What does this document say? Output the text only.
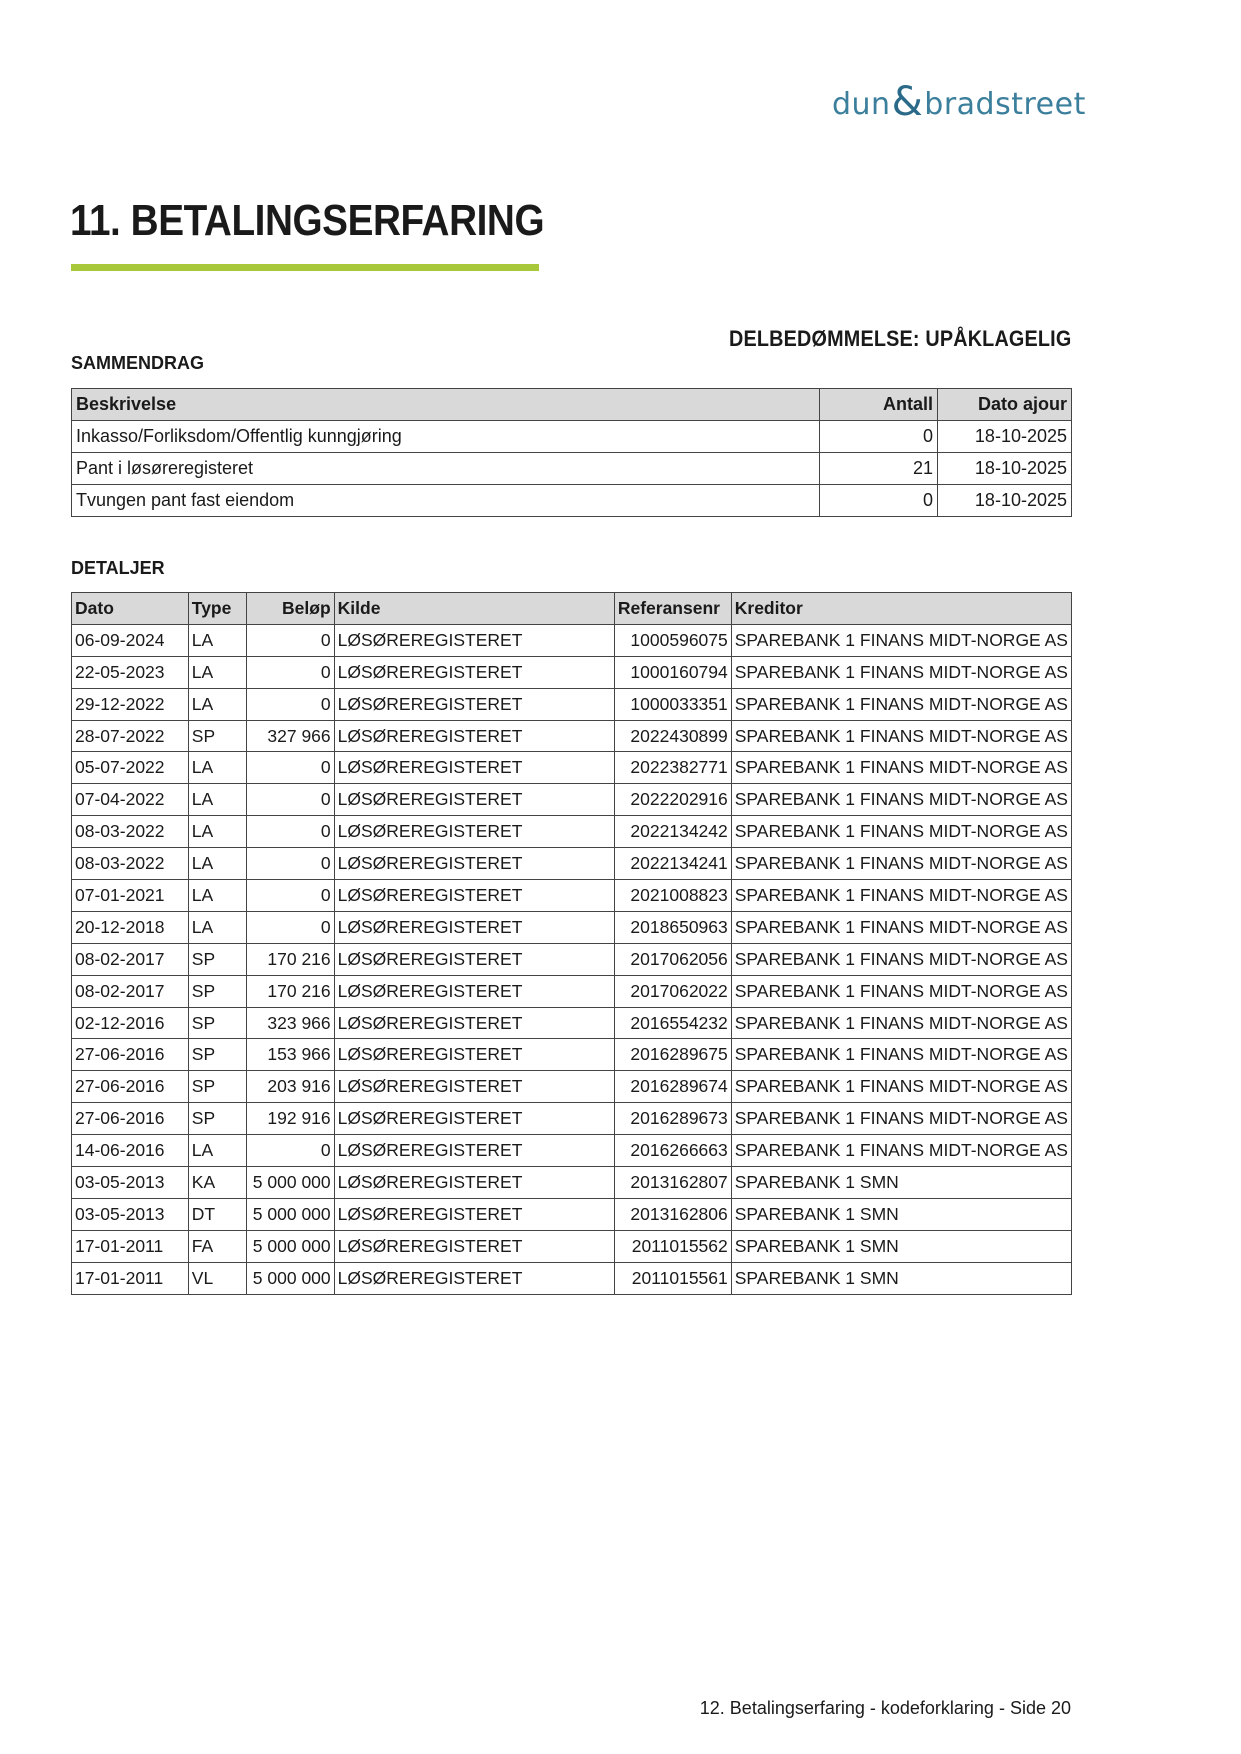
dun & bradstreet
11. BETALINGSERFARING
DELBEDØMMELSE: UPÅKLAGELIG
SAMMENDRAG
Beskrivelse	Antall	Dato ajour
Inkasso/Forliksdom/Offentlig kunngjøring	0	18-10-2025
Pant i løsøreregisteret	21	18-10-2025
Tvungen pant fast eiendom	0	18-10-2025
DETALJER
Dato	Type	Beløp	Kilde	Referansenr	Kreditor
06-09-2024	LA	0	LØSØREREGISTERET	1000596075	SPAREBANK 1 FINANS MIDT-NORGE AS
22-05-2023	LA	0	LØSØREREGISTERET	1000160794	SPAREBANK 1 FINANS MIDT-NORGE AS
29-12-2022	LA	0	LØSØREREGISTERET	1000033351	SPAREBANK 1 FINANS MIDT-NORGE AS
28-07-2022	SP	327 966	LØSØREREGISTERET	2022430899	SPAREBANK 1 FINANS MIDT-NORGE AS
05-07-2022	LA	0	LØSØREREGISTERET	2022382771	SPAREBANK 1 FINANS MIDT-NORGE AS
07-04-2022	LA	0	LØSØREREGISTERET	2022202916	SPAREBANK 1 FINANS MIDT-NORGE AS
08-03-2022	LA	0	LØSØREREGISTERET	2022134242	SPAREBANK 1 FINANS MIDT-NORGE AS
08-03-2022	LA	0	LØSØREREGISTERET	2022134241	SPAREBANK 1 FINANS MIDT-NORGE AS
07-01-2021	LA	0	LØSØREREGISTERET	2021008823	SPAREBANK 1 FINANS MIDT-NORGE AS
20-12-2018	LA	0	LØSØREREGISTERET	2018650963	SPAREBANK 1 FINANS MIDT-NORGE AS
08-02-2017	SP	170 216	LØSØREREGISTERET	2017062056	SPAREBANK 1 FINANS MIDT-NORGE AS
08-02-2017	SP	170 216	LØSØREREGISTERET	2017062022	SPAREBANK 1 FINANS MIDT-NORGE AS
02-12-2016	SP	323 966	LØSØREREGISTERET	2016554232	SPAREBANK 1 FINANS MIDT-NORGE AS
27-06-2016	SP	153 966	LØSØREREGISTERET	2016289675	SPAREBANK 1 FINANS MIDT-NORGE AS
27-06-2016	SP	203 916	LØSØREREGISTERET	2016289674	SPAREBANK 1 FINANS MIDT-NORGE AS
27-06-2016	SP	192 916	LØSØREREGISTERET	2016289673	SPAREBANK 1 FINANS MIDT-NORGE AS
14-06-2016	LA	0	LØSØREREGISTERET	2016266663	SPAREBANK 1 FINANS MIDT-NORGE AS
03-05-2013	KA	5 000 000	LØSØREREGISTERET	2013162807	SPAREBANK 1 SMN
03-05-2013	DT	5 000 000	LØSØREREGISTERET	2013162806	SPAREBANK 1 SMN
17-01-2011	FA	5 000 000	LØSØREREGISTERET	2011015562	SPAREBANK 1 SMN
17-01-2011	VL	5 000 000	LØSØREREGISTERET	2011015561	SPAREBANK 1 SMN
12. Betalingserfaring - kodeforklaring - Side 20
